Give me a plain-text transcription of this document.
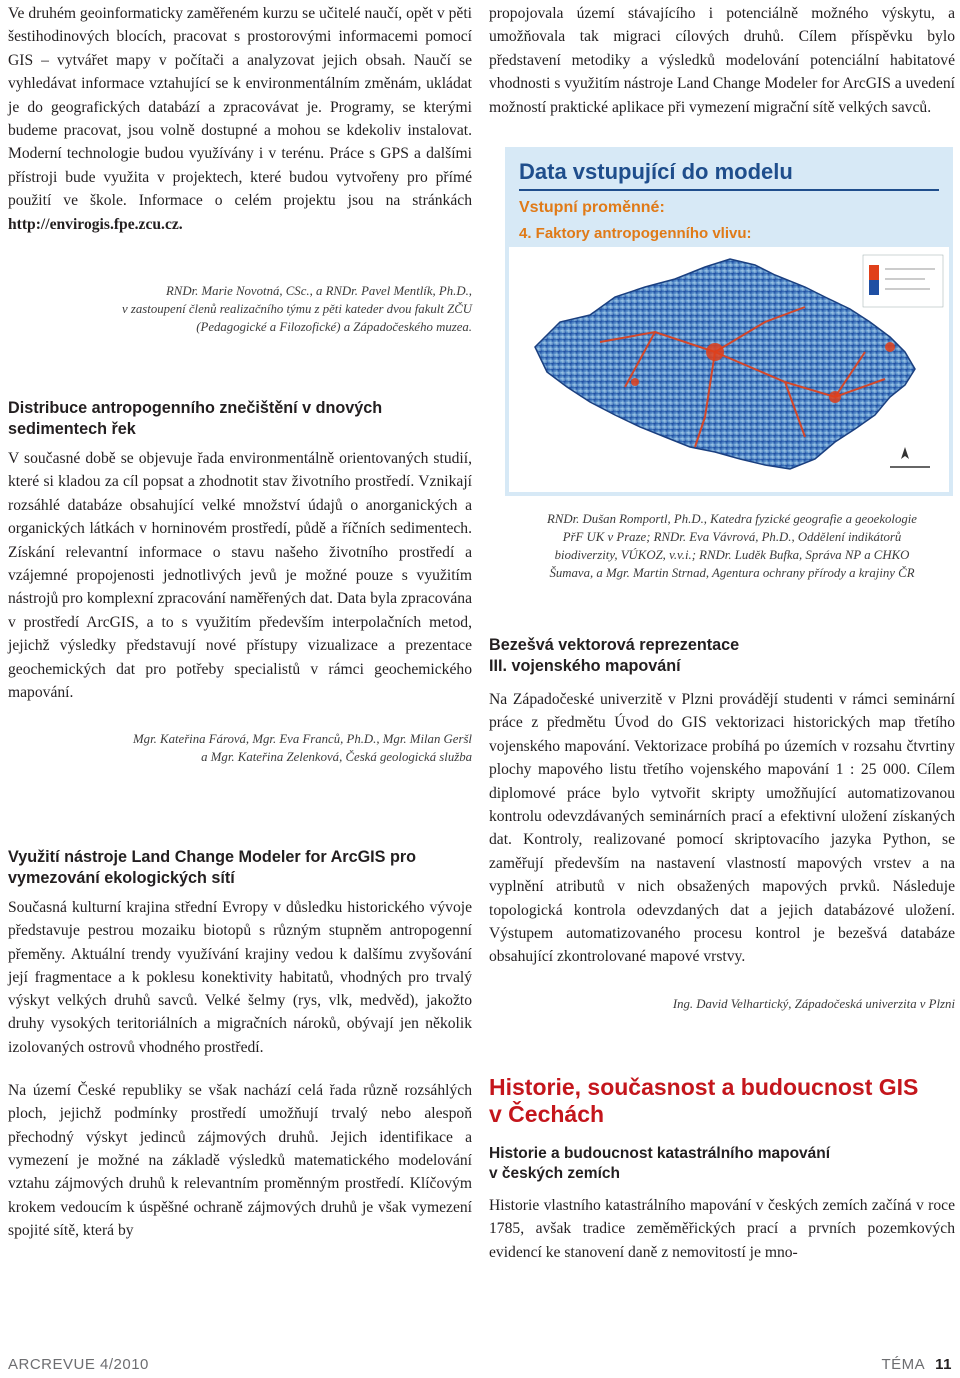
Ve druhém geoinformaticky zaměřeném kurzu se učitelé naučí, opět v pěti šestihodinových blocích, pracovat s prostorovými informacemi pomocí GIS – vytvářet mapy v počítači a analyzovat jejich obsah. Naučí se vyhledávat informace vztahující se k environmentálním změnám, ukládat je do geografických databází a zpracovávat je. Programy, se kterými budeme pracovat, jsou volně dostupné a mohou se kdekoliv instalovat. Moderní technologie budou využívány i v terénu. Práce s GPS a dalšími přístroji bude využita v projektech, které budou vytvořeny pro přímé použití ve škole. Informace o celém projektu jsou na stránkách http://envirogis.fpe.zcu.cz.

RNDr. Marie Novotná, CSc., a RNDr. Pavel Mentlík, Ph.D.,
v zastoupení členů realizačního týmu z pěti kateder dvou fakult ZČU
(Pedagogické a Filozofické) a Západočeského muzea.
Distribuce antropogenního znečištění v dnových sedimentech řek

V současné době se objevuje řada environmentálně orientovaných studií, které si kladou za cíl popsat a zhodnotit stav životního prostředí. Vznikají rozsáhlé databáze obsahující velké množství údajů o anorganických a organických látkách v horninovém prostředí, půdě a říčních sedimentech. Získání relevantní informace o stavu našeho životního prostředí a vzájemné propojenosti jednotlivých jevů je možné pouze s využitím nástrojů pro komplexní zpracování naměřených dat. Data byla zpracována v prostředí ArcGIS, a to s využitím především interpolačních metod, jejichž výsledky představují nové přístupy vizualizace a prezentace geochemických dat pro potřeby specialistů v rámci geochemického mapování.

Mgr. Kateřina Fárová, Mgr. Eva Franců, Ph.D., Mgr. Milan Geršl
a Mgr. Kateřina Zelenková, Česká geologická služba
Využití nástroje Land Change Modeler for ArcGIS pro vymezování ekologických sítí

Současná kulturní krajina střední Evropy v důsledku historického vývoje představuje pestrou mozaiku biotopů s různým stupněm antropogenní přeměny. Aktuální trendy využívání krajiny vedou k dalšímu zvyšování její fragmentace a k poklesu konektivity habitatů, vhodných pro trvalý výskyt velkých druhů savců. Velké šelmy (rys, vlk, medvěd), jakožto druhy vysokých teritoriálních a migračních nároků, obývají jen několik izolovaných ostrovů vhodného prostředí.

Na území České republiky se však nachází celá řada různě rozsáhlých ploch, jejichž podmínky prostředí umožňují trvalý nebo alespoň přechodný výskyt jedinců zájmových druhů. Jejich identifikace a vymezení je možné na základě výsledků matematického modelování vztahu zájmových druhů k relevantním proměnným prostředí. Klíčovým krokem vedoucím k úspěšné ochraně zájmových druhů je však vymezení spojité sítě, která by

propojovala území stávajícího i potenciálně možného výskytu, a umožňovala tak migraci cílových druhů. Cílem příspěvku bylo představení metodiky a výsledků modelování potenciální habitatové vhodnosti s využitím nástroje Land Change Modeler for ArcGIS a uvedení možností praktické aplikace při vymezení migrační sítě velkých savců.

Data vstupující do modelu
Vstupní proměnné:
4. Faktory antropogenního vlivu:
RNDr. Dušan Romportl, Ph.D., Katedra fyzické geografie a geoekologie
PřF UK v Praze; RNDr. Eva Vávrová, Ph.D., Oddělení indikátorů
biodiverzity, VÚKOZ, v.v.i.; RNDr. Luděk Bufka, Správa NP a CHKO
Šumava, a Mgr. Martin Strnad, Agentura ochrany přírody a krajiny ČR
Bezešvá vektorová reprezentace
III. vojenského mapování

Na Západočeské univerzitě v Plzni provádějí studenti v rámci seminární práce z předmětu Úvod do GIS vektorizaci historických map třetího vojenského mapování. Vektorizace probíhá po územích v rozsahu čtvrtiny plochy mapového listu třetího vojenského mapování 1 : 25 000. Cílem diplomové práce bylo vytvořit skripty umožňující automatizovanou kontrolu odevzdávaných seminárních prací a efektivní uložení získaných dat. Kontroly, realizované pomocí skriptovacího jazyka Python, se zaměřují především na nastavení vlastností mapových vrstev a na vyplnění atributů v nich obsažených mapových prvků. Následuje topologická kontrola odevzdaných dat a jejich databázové uložení. Výstupem automatizovaného procesu kontrol je bezešvá databáze obsahující zkontrolované mapové vrstvy.

Ing. David Velhartický, Západočeská univerzita v Plzni
Historie, současnost a budoucnost GIS
v Čechách
Historie a budoucnost katastrálního mapování
v českých zemích

Historie vlastního katastrálního mapování v českých zemích začíná v roce 1785, avšak tradice zeměměřických prací a prvních pozemkových evidencí ke stanovení daně z nemovitostí je mno-

ARCREVUE 4/2010	TÉMA 11
